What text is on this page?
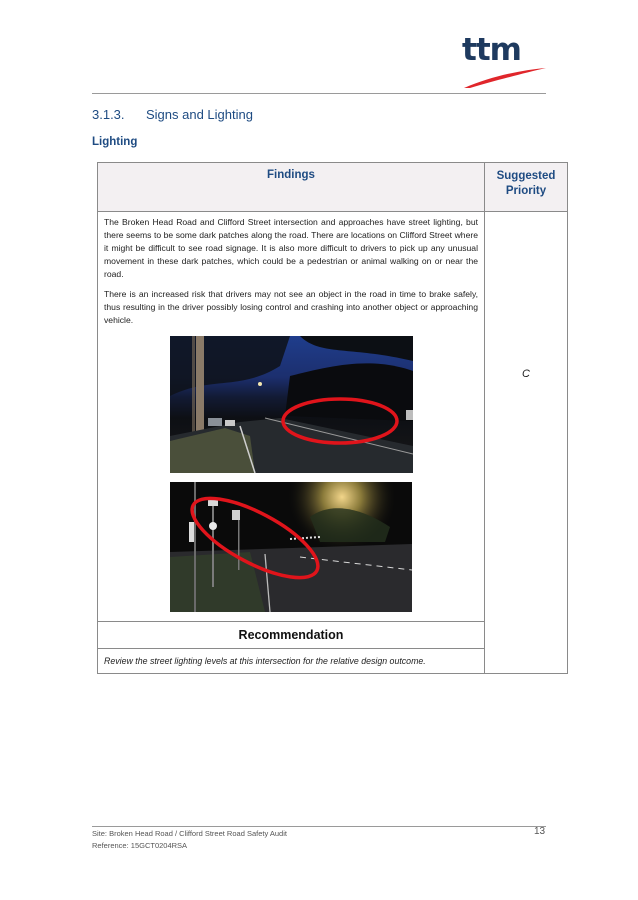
ttm
3.1.3. Signs and Lighting
Lighting
Findings	Suggested
Priority

The Broken Head Road and Clifford Street intersection and approaches have street lighting, but there seems to be some dark patches along the road. There are locations on Clifford Street where it might be difficult to see road signage. It is also more difficult to drivers to pick up any unusual movement in these dark patches, which could be a pedestrian or animal walking on or near the road.

There is an increased risk that drivers may not see an object in the road in time to brake safely, thus resulting in the driver possibly losing control and crashing into another object or approaching vehicle.	C

Recommendation	
Review the street lighting levels at this intersection for the relative design outcome.	
Site: Broken Head Road / Clifford Street Road Safety Audit
Reference: 15GCT0204RSA
13
